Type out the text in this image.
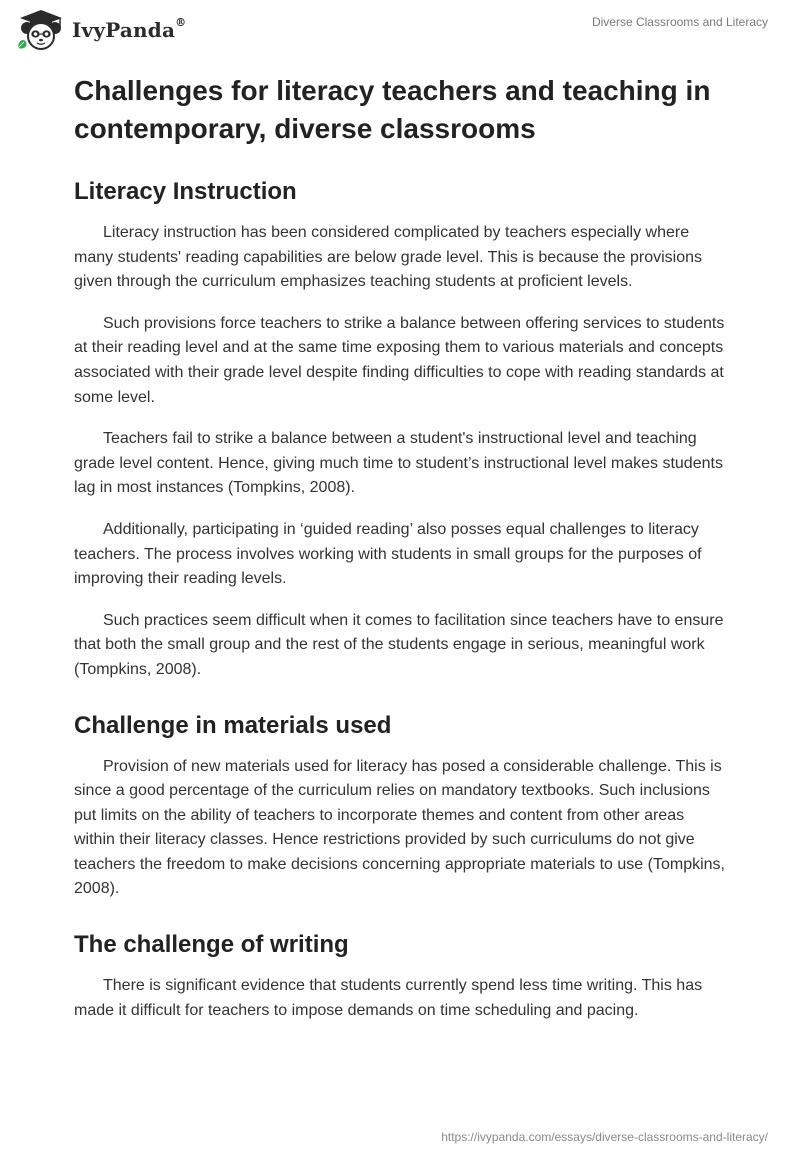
IvyPanda®	Diverse Classrooms and Literacy
Challenges for literacy teachers and teaching in contemporary, diverse classrooms
Literacy Instruction

Literacy instruction has been considered complicated by teachers especially where many students' reading capabilities are below grade level. This is because the provisions given through the curriculum emphasizes teaching students at proficient levels.

Such provisions force teachers to strike a balance between offering services to students at their reading level and at the same time exposing them to various materials and concepts associated with their grade level despite finding difficulties to cope with reading standards at some level.

Teachers fail to strike a balance between a student's instructional level and teaching grade level content. Hence, giving much time to student’s instructional level makes students lag in most instances (Tompkins, 2008).

Additionally, participating in ‘guided reading’ also posses equal challenges to literacy teachers. The process involves working with students in small groups for the purposes of improving their reading levels.

Such practices seem difficult when it comes to facilitation since teachers have to ensure that both the small group and the rest of the students engage in serious, meaningful work (Tompkins, 2008).

Challenge in materials used

Provision of new materials used for literacy has posed a considerable challenge. This is since a good percentage of the curriculum relies on mandatory textbooks. Such inclusions put limits on the ability of teachers to incorporate themes and content from other areas within their literacy classes. Hence restrictions provided by such curriculums do not give teachers the freedom to make decisions concerning appropriate materials to use (Tompkins, 2008).

The challenge of writing

There is significant evidence that students currently spend less time writing. This has made it difficult for teachers to impose demands on time scheduling and pacing.

https://ivypanda.com/essays/diverse-classrooms-and-literacy/
